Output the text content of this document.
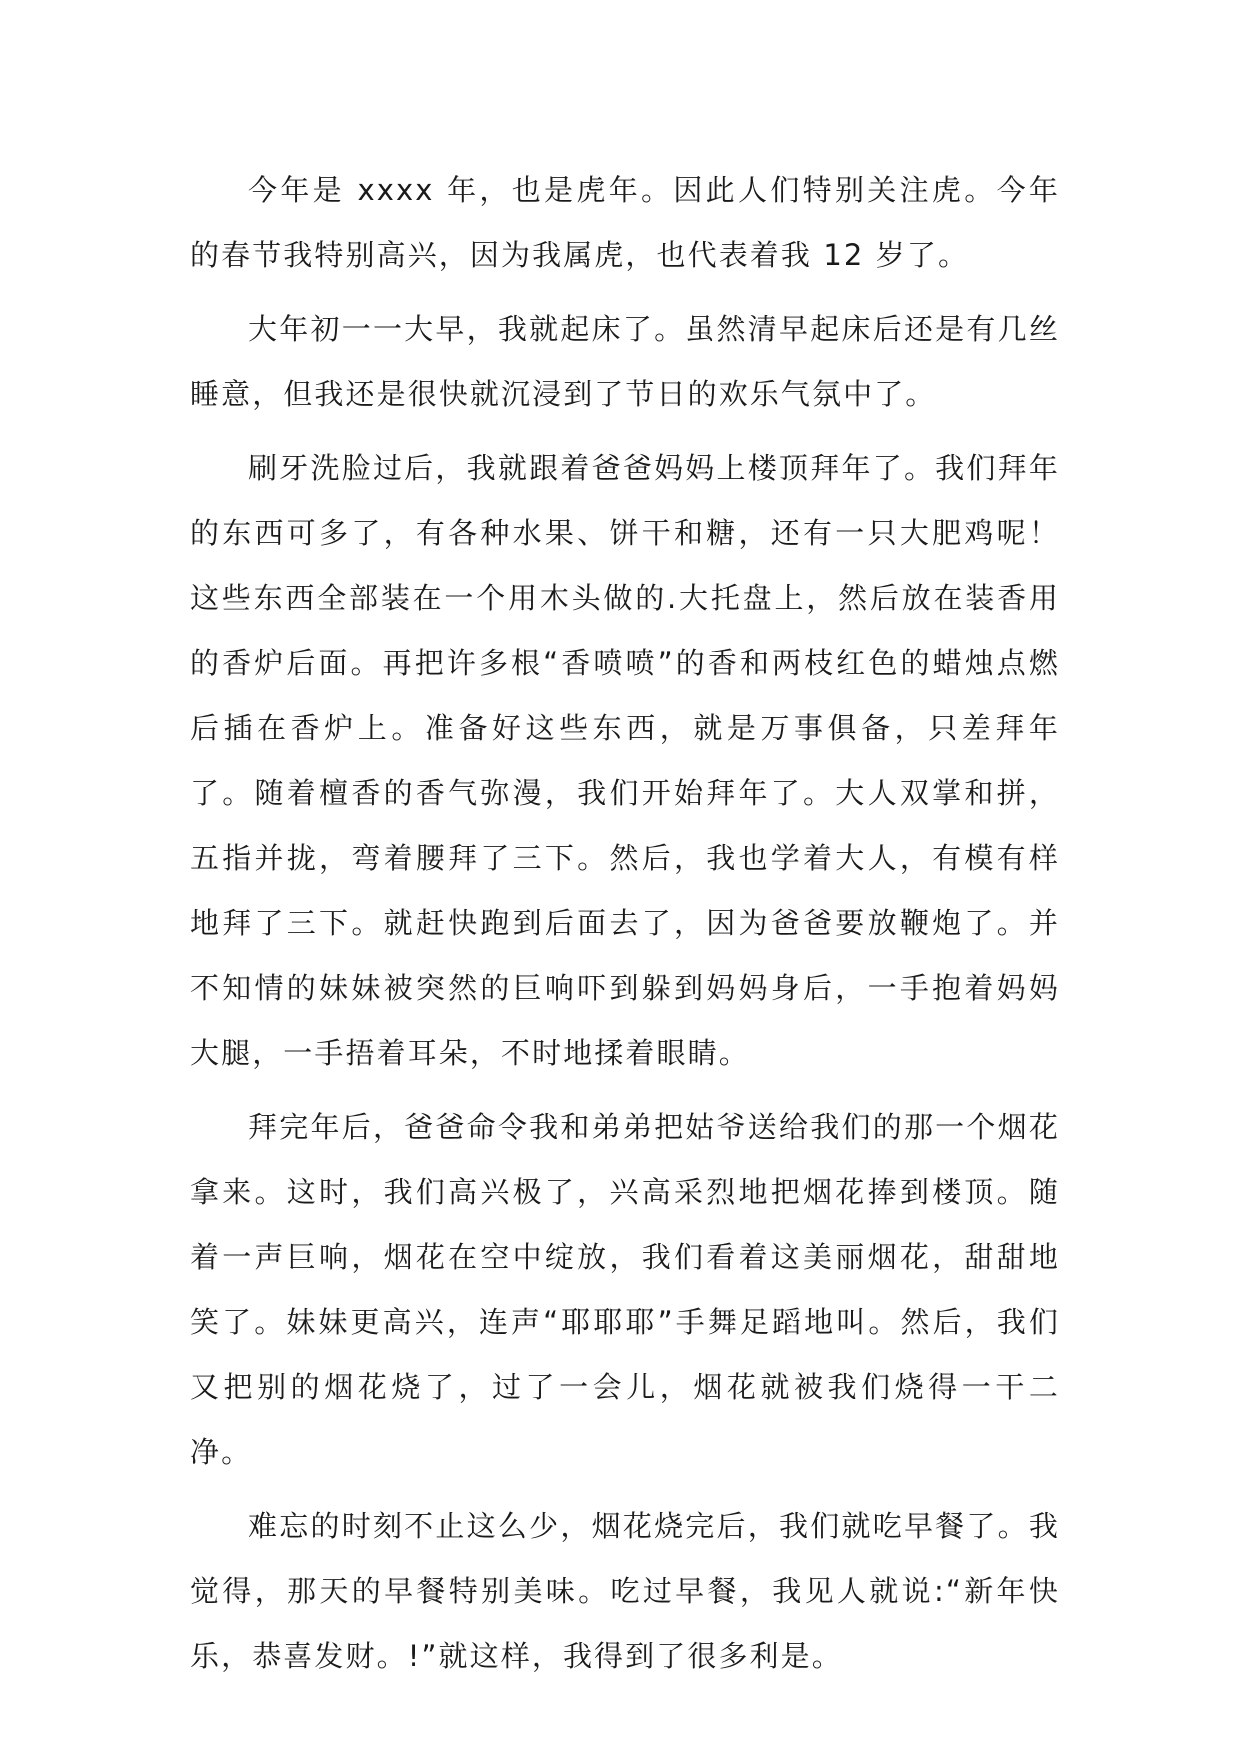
今年是 xxxx 年，也是虎年。因此人们特别关注虎。今年的春节我特别高兴，因为我属虎，也代表着我 12 岁了。

大年初一一大早，我就起床了。虽然清早起床后还是有几丝睡意，但我还是很快就沉浸到了节日的欢乐气氛中了。

刷牙洗脸过后，我就跟着爸爸妈妈上楼顶拜年了。我们拜年的东西可多了，有各种水果、饼干和糖，还有一只大肥鸡呢！这些东西全部装在一个用木头做的.大托盘上，然后放在装香用的香炉后面。再把许多根“香喷喷”的香和两枝红色的蜡烛点燃后插在香炉上。准备好这些东西，就是万事俱备，只差拜年了。随着檀香的香气弥漫，我们开始拜年了。大人双掌和拼，五指并拢，弯着腰拜了三下。然后，我也学着大人，有模有样地拜了三下。就赶快跑到后面去了，因为爸爸要放鞭炮了。并不知情的妹妹被突然的巨响吓到躲到妈妈身后，一手抱着妈妈大腿，一手捂着耳朵，不时地揉着眼睛。

拜完年后，爸爸命令我和弟弟把姑爷送给我们的那一个烟花拿来。这时，我们高兴极了，兴高采烈地把烟花捧到楼顶。随着一声巨响，烟花在空中绽放，我们看着这美丽烟花，甜甜地笑了。妹妹更高兴，连声“耶耶耶”手舞足蹈地叫。然后，我们又把别的烟花烧了，过了一会儿，烟花就被我们烧得一干二净。

难忘的时刻不止这么少，烟花烧完后，我们就吃早餐了。我觉得，那天的早餐特别美味。吃过早餐，我见人就说:“新年快乐，恭喜发财。!”就这样，我得到了很多利是。
